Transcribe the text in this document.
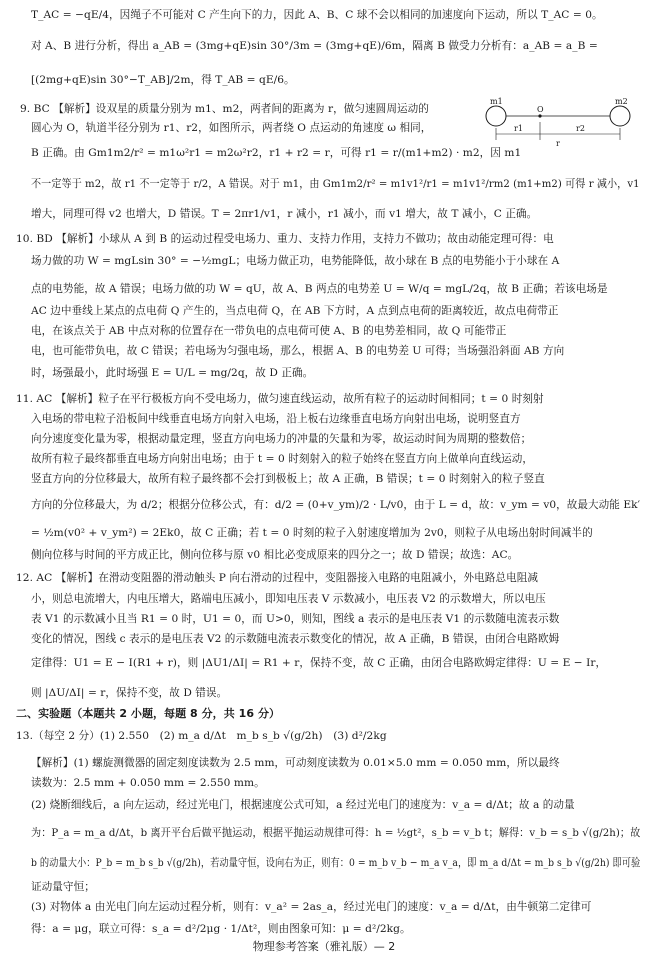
T_AC = −qE/4，因绳子不可能对 C 产生向下的力，因此 A、B、C 球不会以相同的加速度向下运动，所以 T_AC = 0。
对 A、B 进行分析，得出 a_AB = (3mg+qE)sin 30°/3m = (3mg+qE)/6m，隔离 B 做受力分析有：a_AB = a_B =
[(2mg+qE)sin 30°−T_AB]/2m，得 T_AB = qE/6。
9. BC 【解析】设双星的质量分别为 m1、m2，两者间的距离为 r，做匀速圆周运动的
圆心为 O，轨道半径分别为 r1、r2，如图所示，两者绕 O 点运动的角速度 ω 相同，
B 正确。由 Gm1m2/r² = m1ω²r1 = m2ω²r2，r1 + r2 = r，可得 r1 = r/(m1+m2) · m2，因 m1
不一定等于 m2，故 r1 不一定等于 r/2，A 错误。对于 m1，由 Gm1m2/r² = m1v1²/r1 = m1v1²/rm2 (m1+m2) 可得 r 减小，v1
增大，同理可得 v2 也增大，D 错误。T = 2πr1/v1，r 减小，r1 减小，而 v1 增大，故 T 减小，C 正确。
10. BD 【解析】小球从 A 到 B 的运动过程受电场力、重力、支持力作用，支持力不做功；故由动能定理可得：电
场力做的功 W = mgLsin 30° = −½mgL；电场力做正功，电势能降低，故小球在 B 点的电势能小于小球在 A
点的电势能，故 A 错误；电场力做的功 W = qU，故 A、B 两点的电势差 U = W/q = mgL/2q，故 B 正确；若该电场是
AC 边中垂线上某点的点电荷 Q 产生的，当点电荷 Q，在 AB 下方时，A 点到点电荷的距离较近，故点电荷带正
电，在该点关于 AB 中点对称的位置存在一带负电的点电荷可使 A、B 的电势差相同，故 Q 可能带正
电，也可能带负电，故 C 错误；若电场为匀强电场，那么，根据 A、B 的电势差 U 可得；当场强沿斜面 AB 方向
时，场强最小，此时场强 E = U/L = mg/2q，故 D 正确。
11. AC 【解析】粒子在平行极板方向不受电场力，做匀速直线运动，故所有粒子的运动时间相同；t = 0 时刻射
入电场的带电粒子沿板间中线垂直电场方向射入电场，沿上板右边缘垂直电场方向射出电场，说明竖直方
向分速度变化量为零，根据动量定理，竖直方向电场力的冲量的矢量和为零，故运动时间为周期的整数倍；
故所有粒子最终都垂直电场方向射出电场；由于 t = 0 时刻射入的粒子始终在竖直方向上做单向直线运动，
竖直方向的分位移最大，故所有粒子最终都不会打到极板上；故 A 正确，B 错误；t = 0 时刻射入的粒子竖直
方向的分位移最大，为 d/2；根据分位移公式，有：d/2 = (0+v_ym)/2 · L/v0，由于 L = d，故：v_ym = v0，故最大动能 Ek′
= ½m(v0² + v_ym²) = 2Ek0，故 C 正确；若 t = 0 时刻的粒子入射速度增加为 2v0，则粒子从电场出射时间减半的
侧向位移与时间的平方成正比，侧向位移与原 v0 相比必变成原来的四分之一；故 D 错误；故选：AC。
12. AC 【解析】在滑动变阻器的滑动触头 P 向右滑动的过程中，变阻器接入电路的电阻减小，外电路总电阻减
小，则总电流增大，内电压增大，路端电压减小，即知电压表 V 示数减小，电压表 V2 的示数增大，所以电压
表 V1 的示数减小且当 R1 = 0 时，U1 = 0，而 U>0，则知，图线 a 表示的是电压表 V1 的示数随电流表示数
变化的情况，图线 c 表示的是电压表 V2 的示数随电流表示数变化的情况，故 A 正确，B 错误，由闭合电路欧姆
定律得：U1 = E − I(R1 + r)，则 |ΔU1/ΔI| = R1 + r，保持不变，故 C 正确，由闭合电路欧姆定律得：U = E − Ir，
则 |ΔU/ΔI| = r，保持不变，故 D 错误。
二、实验题（本题共 2 小题，每题 8 分，共 16 分）
13.（每空 2 分）(1) 2.550　(2) m_a d/Δt　m_b s_b √(g/2h)　(3) d²/2kg
【解析】(1) 螺旋测微器的固定刻度读数为 2.5 mm，可动刻度读数为 0.01×5.0 mm = 0.050 mm，所以最终
读数为：2.5 mm + 0.050 mm = 2.550 mm。
(2) 烧断细线后，a 向左运动，经过光电门，根据速度公式可知，a 经过光电门的速度为：v_a = d/Δt；故 a 的动量
为：P_a = m_a d/Δt，b 离开平台后做平抛运动，根据平抛运动规律可得：h = ½gt²，s_b = v_b t；解得：v_b = s_b √(g/2h)；故
b 的动量大小：P_b = m_b s_b √(g/2h)，若动量守恒，设向右为正，则有：0 = m_b v_b − m_a v_a，即 m_a d/Δt = m_b s_b √(g/2h) 即可验
证动量守恒；
(3) 对物体 a 由光电门向左运动过程分析，则有：v_a² = 2as_a，经过光电门的速度：v_a = d/Δt，由牛顿第二定律可
得：a = μg，联立可得：s_a = d²/2μg · 1/Δt²，则由图象可知：μ = d²/2kg。
m1	m2
O
r1	r2
r
物理参考答案（雅礼版）— 2
